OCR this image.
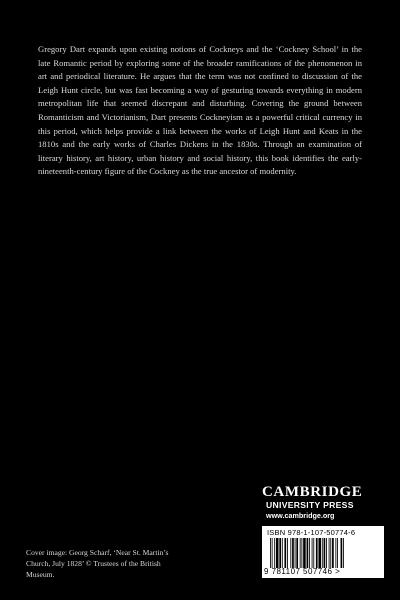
Gregory Dart expands upon existing notions of Cockneys and the ‘Cockney School’ in the late Romantic period by exploring some of the broader ramifications of the phenomenon in art and periodical literature. He argues that the term was not confined to discussion of the Leigh Hunt circle, but was fast becoming a way of gesturing towards everything in modern metropolitan life that seemed discrepant and disturbing. Covering the ground between Romanticism and Victorianism, Dart presents Cockneyism as a powerful critical currency in this period, which helps provide a link between the works of Leigh Hunt and Keats in the 1810s and the early works of Charles Dickens in the 1830s. Through an examination of literary history, art history, urban history and social history, this book identifies the early-nineteenth-century figure of the Cockney as the true ancestor of modernity.

CAMBRIDGE
UNIVERSITY PRESS
www.cambridge.org
ISBN 978-1-107-50774-6
9 781107 507746 >

Cover image: Georg Scharf, ‘Near St. Martin’s Church, July 1828’ © Trustees of the British Museum.
